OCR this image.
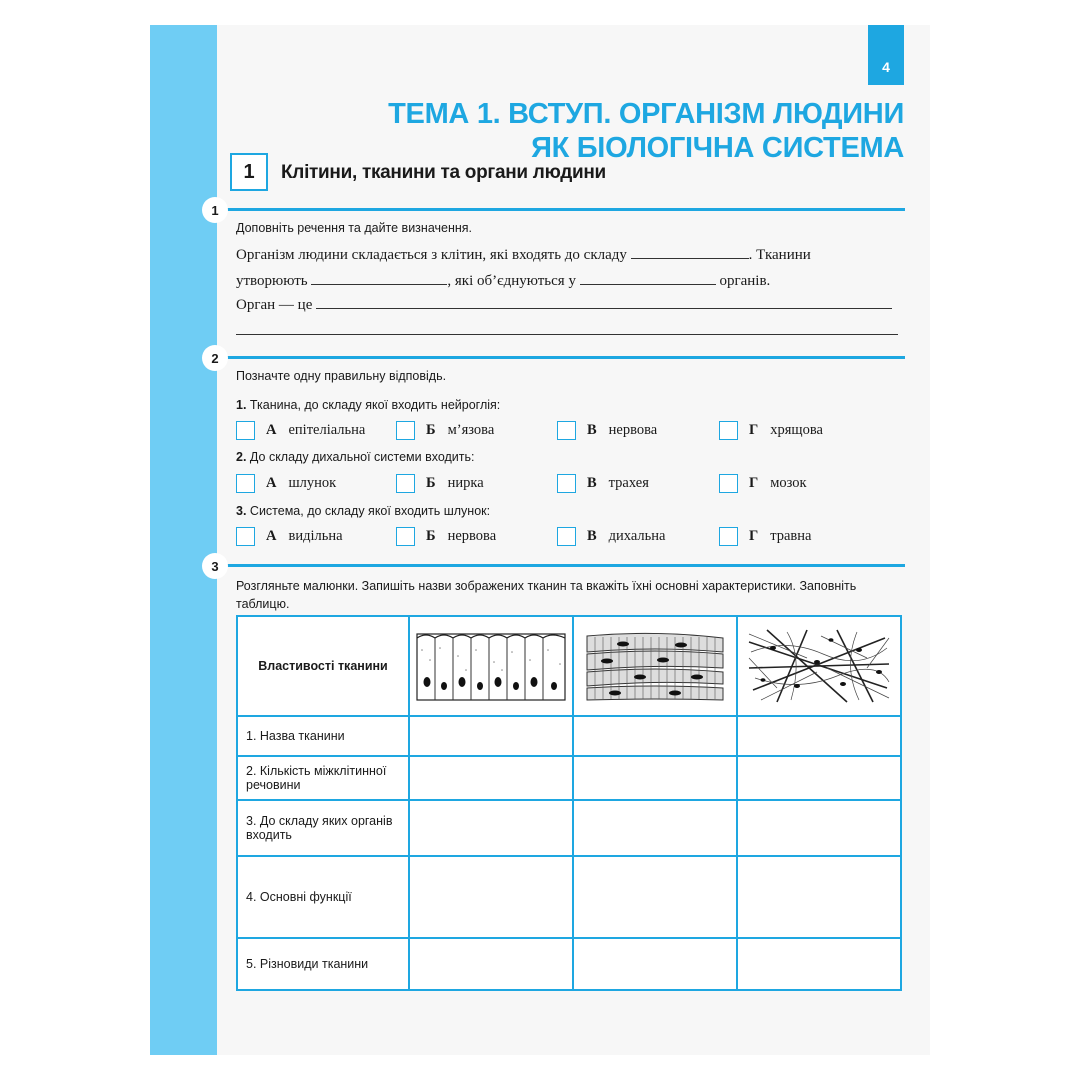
4
ТЕМА 1. ВСТУП. ОРГАНІЗМ ЛЮДИНИ
ЯК БІОЛОГІЧНА СИСТЕМА
1	Клітини, тканини та органи людини
1
Доповніть речення та дайте визначення.
Організм людини складається з клітин, які входять до складу	. Тканини
утворюють	, які об’єднуються у	органів.
Орган — це
2
Позначте одну правильну відповідь.
1. Тканина, до складу якої входить нейроглія:
А епітеліальна	Б м’язова	В нервова	Г хрящова
2. До складу дихальної системи входить:
А шлунок	Б нирка	В трахея	Г мозок
3. Система, до складу якої входить шлунок:
А видільна	Б нервова	В дихальна	Г травна
3
Розгляньте малюнки. Запишіть назви зображених тканин та вкажіть їхні основні характеристики. Заповніть
таблицю.
Властивості тканини	

1. Назва тканини			
2. Кількість міжклітинної речовини			
3. До складу яких органів входить			
4. Основні функції			
5. Різновиди тканини			
